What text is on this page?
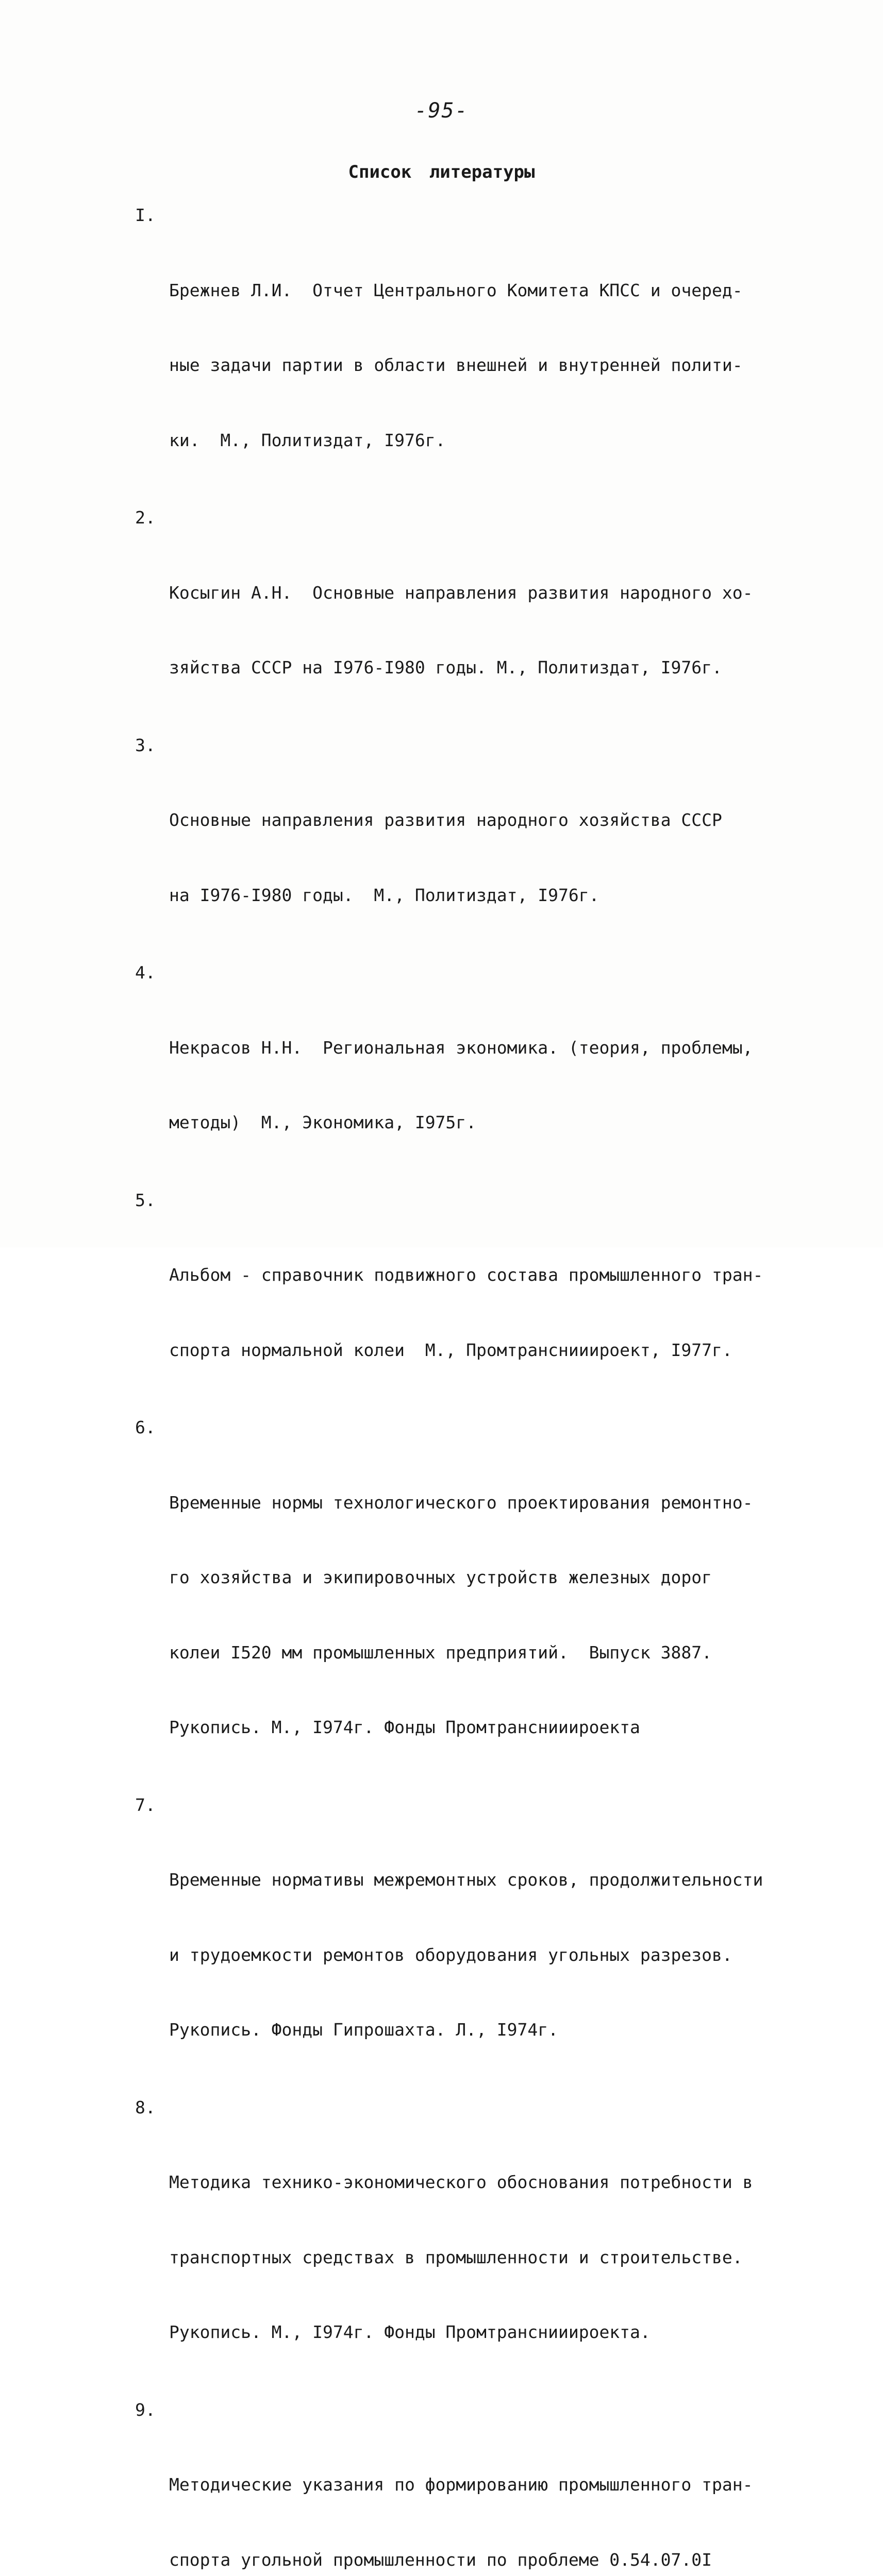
-95-
Список литературы

I.

Брежнев Л.И.  Отчет Центрального Комитета КПСС и очеред-

ные задачи партии в области внешней и внутренней полити-

ки.  М., Политиздат, I976г.

2.

Косыгин А.Н.  Основные направления развития народного хо-

зяйства СССР на I976-I980 годы. М., Политиздат, I976г.

3.

Основные направления развития народного хозяйства СССР

на I976-I980 годы.  М., Политиздат, I976г.

4.

Некрасов Н.Н.  Региональная экономика. (теория, проблемы,

методы)  М., Экономика, I975г.

5.

Альбом - справочник подвижного состава промышленного тран-

спорта нормальной колеи  М., Промтранснииироект, I977г.

6.

Временные нормы технологического проектирования ремонтно-

го хозяйства и экипировочных устройств железных дорог

колеи I520 мм промышленных предприятий.  Выпуск 3887.

Рукопись. М., I974г. Фонды Промтранснииироекта

7.

Временные нормативы межремонтных сроков, продолжительности

и трудоемкости ремонтов оборудования угольных разрезов.

Рукопись. Фонды Гипрошахта. Л., I974г.

8.

Методика технико-экономического обоснования потребности в

транспортных средствах в промышленности и строительстве.

Рукопись. М., I974г. Фонды Промтранснииироекта.

9.

Методические указания по формированию промышленного тран-

спорта угольной промышленности по проблеме 0.54.07.0I
